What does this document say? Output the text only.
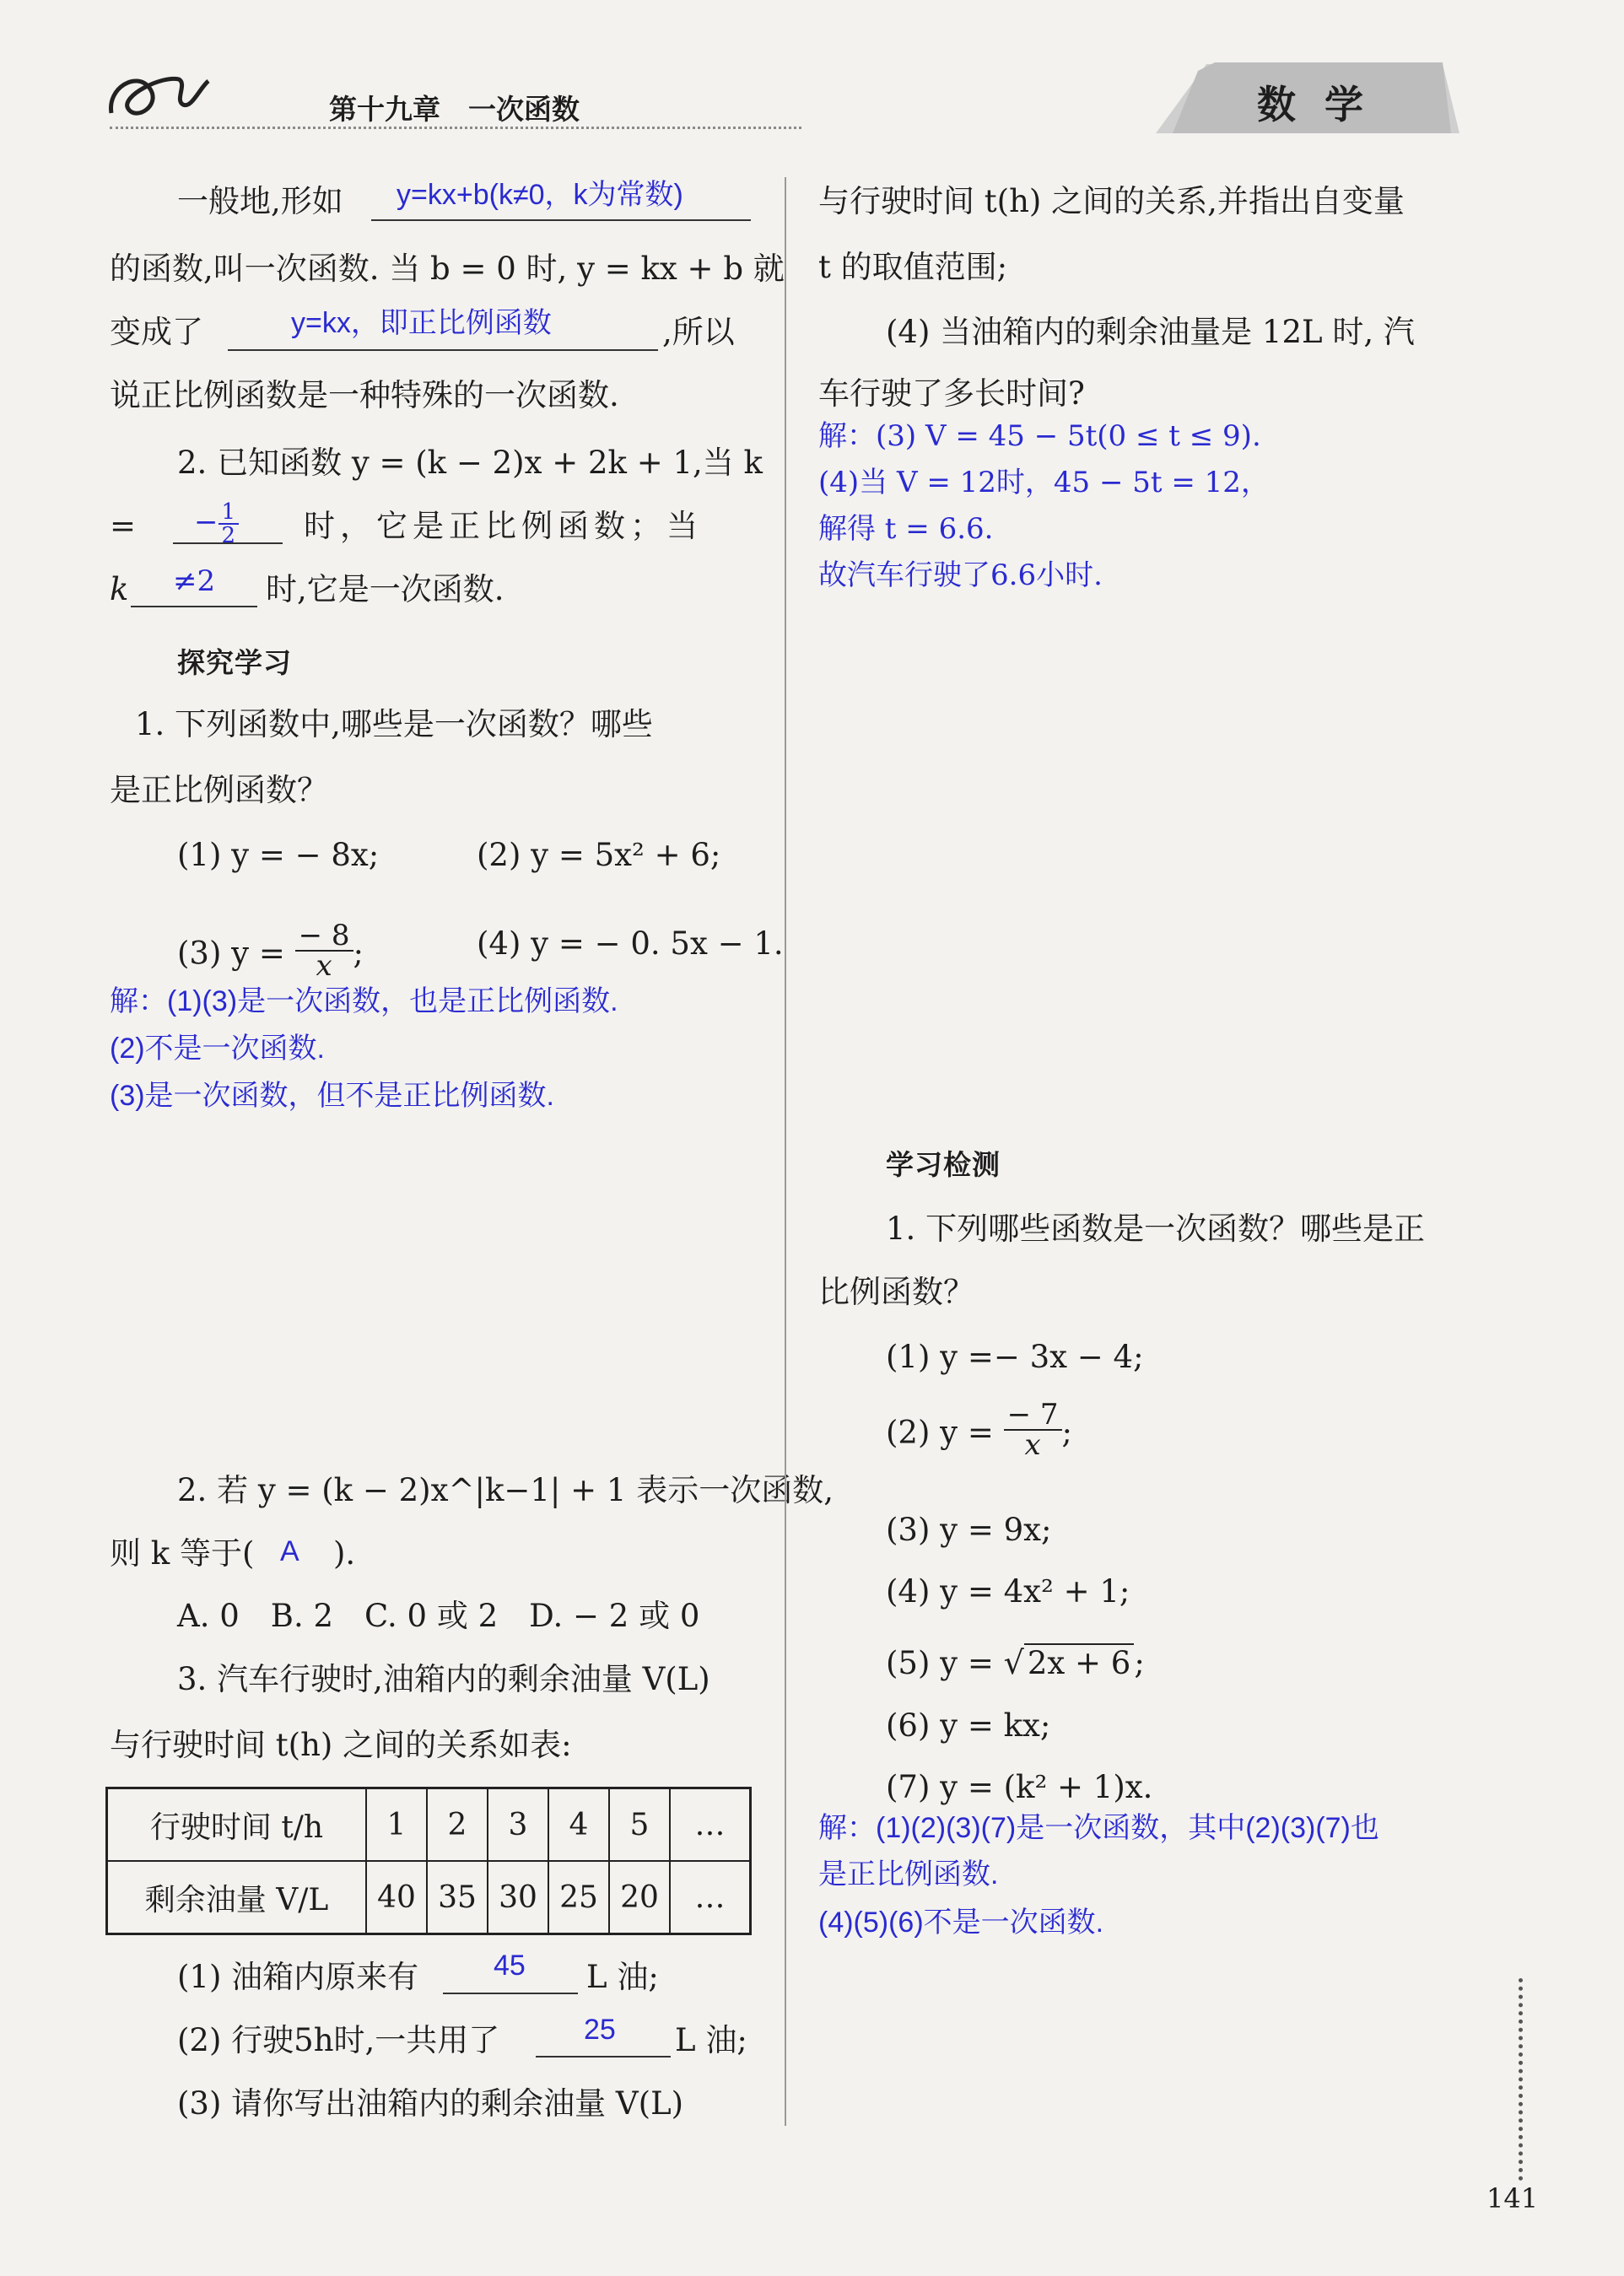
第十九章　一次函数	数学
一般地,形如 y=kx+b(k≠0，k为常数)
的函数,叫一次函数. 当 b = 0 时, y = kx + b 就
变成了	y=kx，即正比例函数	,所以
说正比例函数是一种特殊的一次函数.
2. 已知函数 y = (k − 2)x + 2k + 1,当 k
= − $\frac{1}{2}$ 时，它是正比例函数；当
k ≠2 时,它是一次函数.
探究学习
1. 下列函数中,哪些是一次函数？哪些
是正比例函数？
(1) y = − 8x;	(2) y = 5x² + 6;
(3) $y = \frac{- 8}{x}$ ;	(4) y = − 0. 5x − 1.
解：(1)(3)是一次函数，也是正比例函数.
(2)不是一次函数.
(3)是一次函数，但不是正比例函数.
2. 若 y = (k − 2)x^|k−1| + 1 表示一次函数,
则 k 等于( A ).
A. 0　B. 2　C. 0 或 2　D. − 2 或 0
3. 汽车行驶时,油箱内的剩余油量 V(L)
与行驶时间 t(h) 之间的关系如表:
行驶时间 t/h	1	2	3	4	5	…
剩余油量 V/L	40	35	30	25	20	…
(1) 油箱内原来有	45 L 油;
(2) 行驶5h时,一共用了	25 L 油;
(3) 请你写出油箱内的剩余油量 V(L)
与行驶时间 t(h) 之间的关系,并指出自变量
t 的取值范围;
(4) 当油箱内的剩余油量是 12L 时, 汽
车行驶了多长时间?
解：(3) V = 45 − 5t(0 ≤ t ≤ 9).
(4)当 V = 12时，45 − 5t = 12，
解得 t = 6.6.
故汽车行驶了6.6小时.
学习检测
1. 下列哪些函数是一次函数？哪些是正
比例函数？
(1) y =− 3x − 4;
(2) $y = \frac{- 7}{x}$ ;
(3) y = 9x;
(4) y = 4x² + 1;
(5) y = √ 2x + 6 ;
(6) y = kx;
(7) y = (k² + 1)x.
解：(1)(2)(3)(7)是一次函数，其中(2)(3)(7)也
是正比例函数.
(4)(5)(6)不是一次函数.
141
